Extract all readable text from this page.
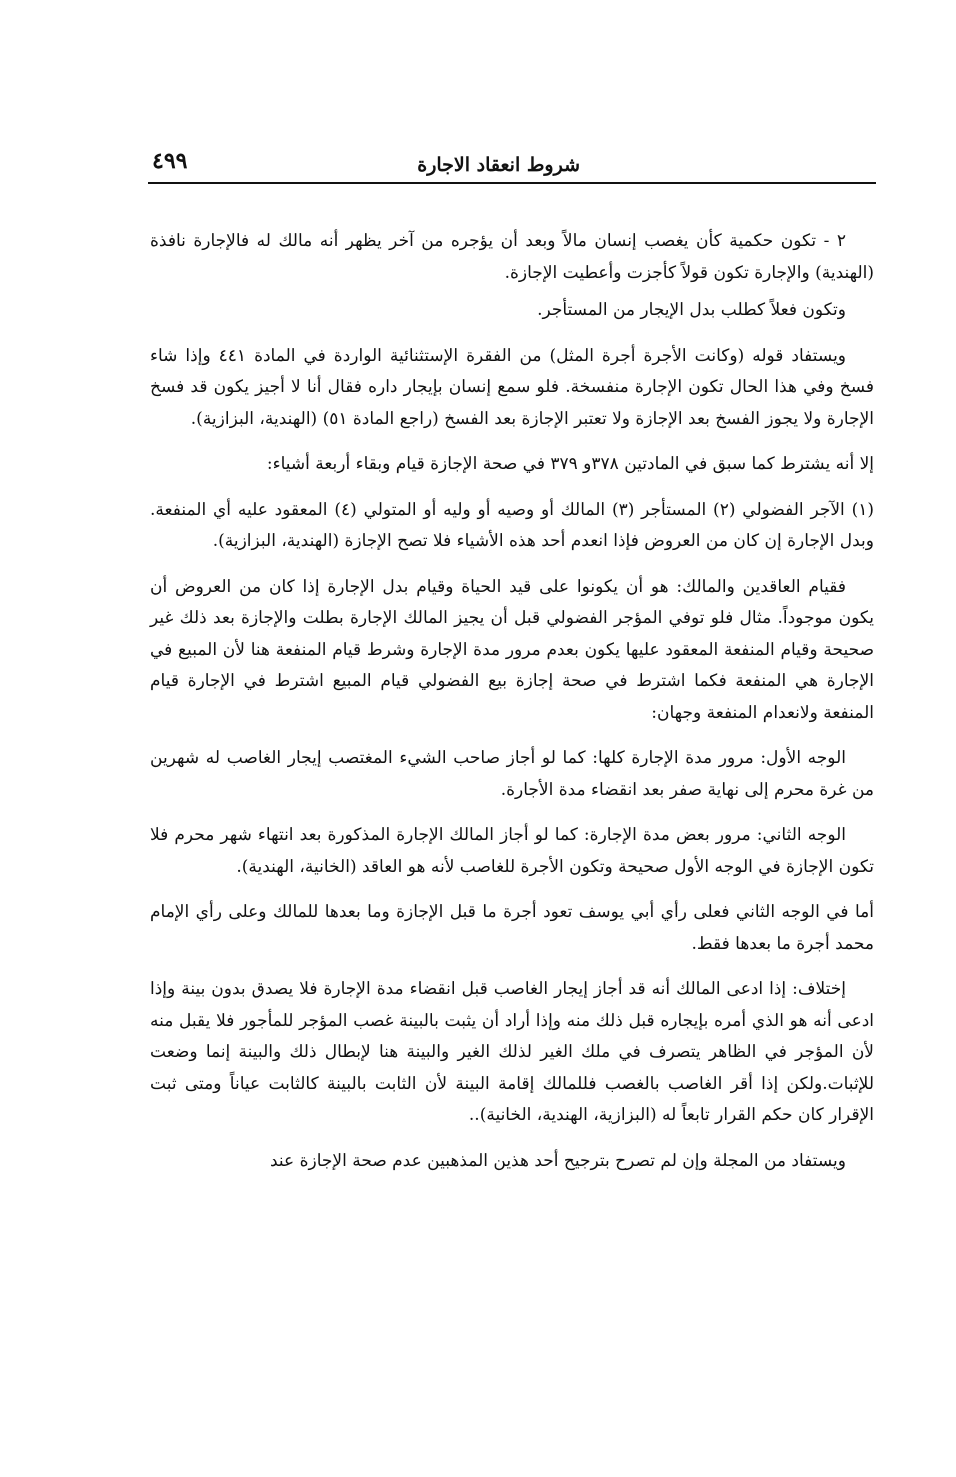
٤٩٩	شروط انعقاد الاجارة

٢ - تكون حكمية كأن يغصب إنسان مالاً وبعد أن يؤجره من آخر يظهر أنه مالك له فالإجارة نافذة (الهندية) والإجارة تكون قولاً كأجزت وأعطيت الإجازة.

وتكون فعلاً كطلب بدل الإيجار من المستأجر.

ويستفاد قوله (وكانت الأجرة أجرة المثل) من الفقرة الإستثنائية الواردة في المادة ٤٤١ وإذا شاء فسخ وفي هذا الحال تكون الإجارة منفسخة. فلو سمع إنسان بإيجار داره فقال أنا لا أجيز يكون قد فسخ الإجارة ولا يجوز الفسخ بعد الإجازة ولا تعتبر الإجازة بعد الفسخ (راجع المادة ٥١) (الهندية، البزازية).

إلا أنه يشترط كما سبق في المادتين ٣٧٨و ٣٧٩ في صحة الإجازة قيام وبقاء أربعة أشياء:

(١) الآجر الفضولي (٢) المستأجر (٣) المالك أو وصيه أو وليه أو المتولي (٤) المعقود عليه أي المنفعة. وبدل الإجارة إن كان من العروض فإذا انعدم أحد هذه الأشياء فلا تصح الإجازة (الهندية، البزازية).

فقيام العاقدين والمالك: هو أن يكونوا على قيد الحياة وقيام بدل الإجارة إذا كان من العروض أن يكون موجوداً. مثال فلو توفي المؤجر الفضولي قبل أن يجيز المالك الإجارة بطلت والإجازة بعد ذلك غير صحيحة وقيام المنفعة المعقود عليها يكون بعدم مرور مدة الإجارة وشرط قيام المنفعة هنا لأن المبيع في الإجارة هي المنفعة فكما اشترط في صحة إجازة بيع الفضولي قيام المبيع اشترط في الإجارة قيام المنفعة ولانعدام المنفعة وجهان:

الوجه الأول: مرور مدة الإجارة كلها: كما لو أجاز صاحب الشيء المغتصب إيجار الغاصب له شهرين من غرة محرم إلى نهاية صفر بعد انقضاء مدة الأجارة.

الوجه الثاني: مرور بعض مدة الإجارة: كما لو أجاز المالك الإجارة المذكورة بعد انتهاء شهر محرم فلا تكون الإجازة في الوجه الأول صحيحة وتكون الأجرة للغاصب لأنه هو العاقد (الخانية، الهندية).

أما في الوجه الثاني فعلى رأي أبي يوسف تعود أجرة ما قبل الإجازة وما بعدها للمالك وعلى رأي الإمام محمد أجرة ما بعدها فقط.

إختلاف: إذا ادعى المالك أنه قد أجاز إيجار الغاصب قبل انقضاء مدة الإجارة فلا يصدق بدون بينة وإذا ادعى أنه هو الذي أمره بإيجاره قبل ذلك منه وإذا أراد أن يثبت بالبينة غصب المؤجر للمأجور فلا يقبل منه لأن المؤجر في الظاهر يتصرف في ملك الغير لذلك الغير والبينة هنا لإبطال ذلك والبينة إنما وضعت للإثبات.ولكن إذا أقر الغاصب بالغصب فللمالك إقامة البينة لأن الثابت بالبينة كالثابت عياناً ومتى ثبت الإقرار كان حكم القرار تابعاً له (البزازية، الهندية، الخانية)..

ويستفاد من المجلة وإن لم تصرح بترجيح أحد هذين المذهبين عدم صحة الإجازة عند
